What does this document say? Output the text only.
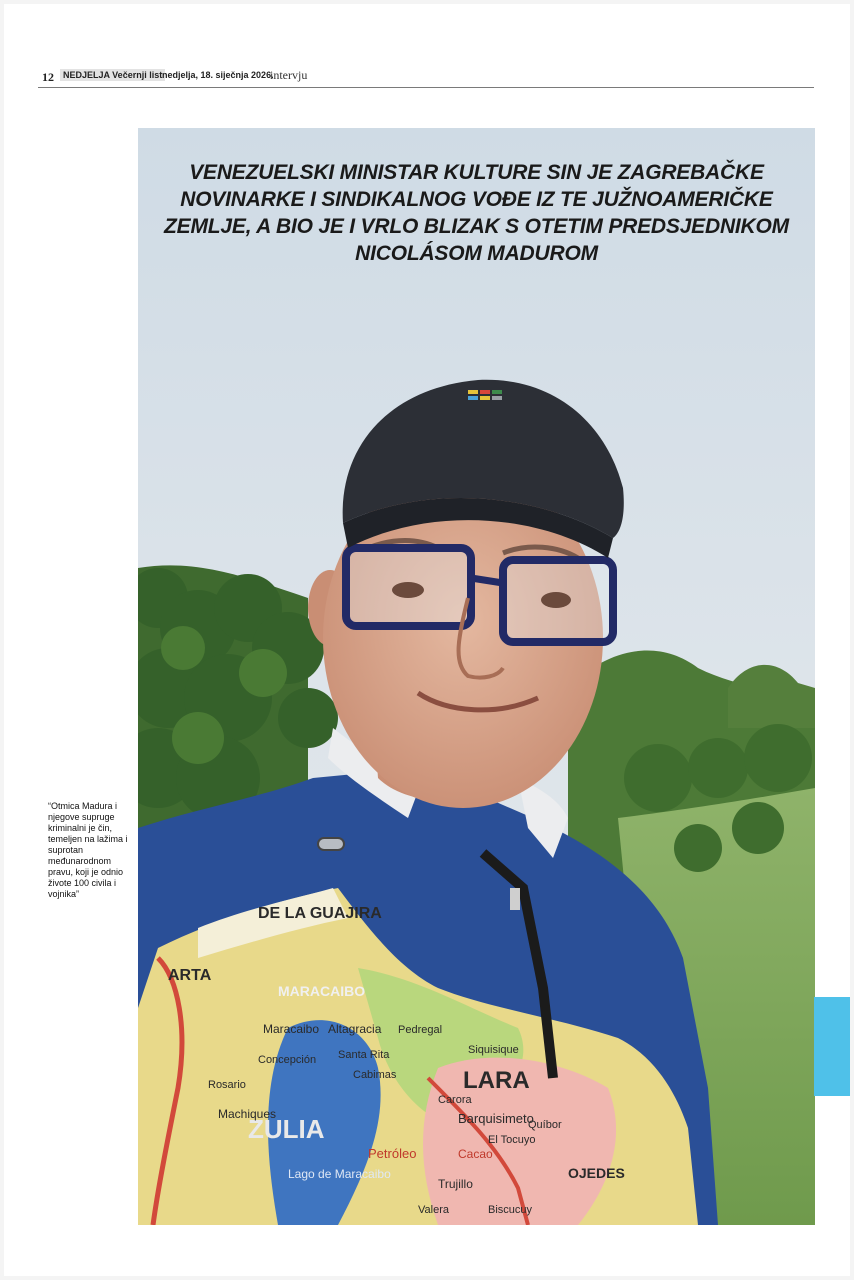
12	NEDJELJA Večernji list nedjelja, 18. siječnja 2026.
intervju
DE LA GUAJIRA
MARACAIBO
ARTA
ZULIA
LARA
Barquisimeto
Maracaibo Altagracia
Santa Rita
Cabimas
Machiques
Rosario
Concepción
Pedregal
Siquisique
Carora
El Tocuyo
Quíbor
Cacao
Petróleo
Lago de Maracaibo
Trujillo
Valera	Biscucuy
OJEDES
VENEZUELSKI MINISTAR KULTURE SIN JE ZAGREBAČKE NOVINARKE I SINDIKALNOG VOĐE IZ TE JUŽNOAMERIČKE ZEMLJE, A BIO JE I VRLO BLIZAK S OTETIM PREDSJEDNIKOM NICOLÁSOM MADUROM
“Otmica Madura i njegove supruge kriminalni je čin, temeljen na lažima i suprotan međunarodnom pravu, koji je odnio živote 100 civila i vojnika”
